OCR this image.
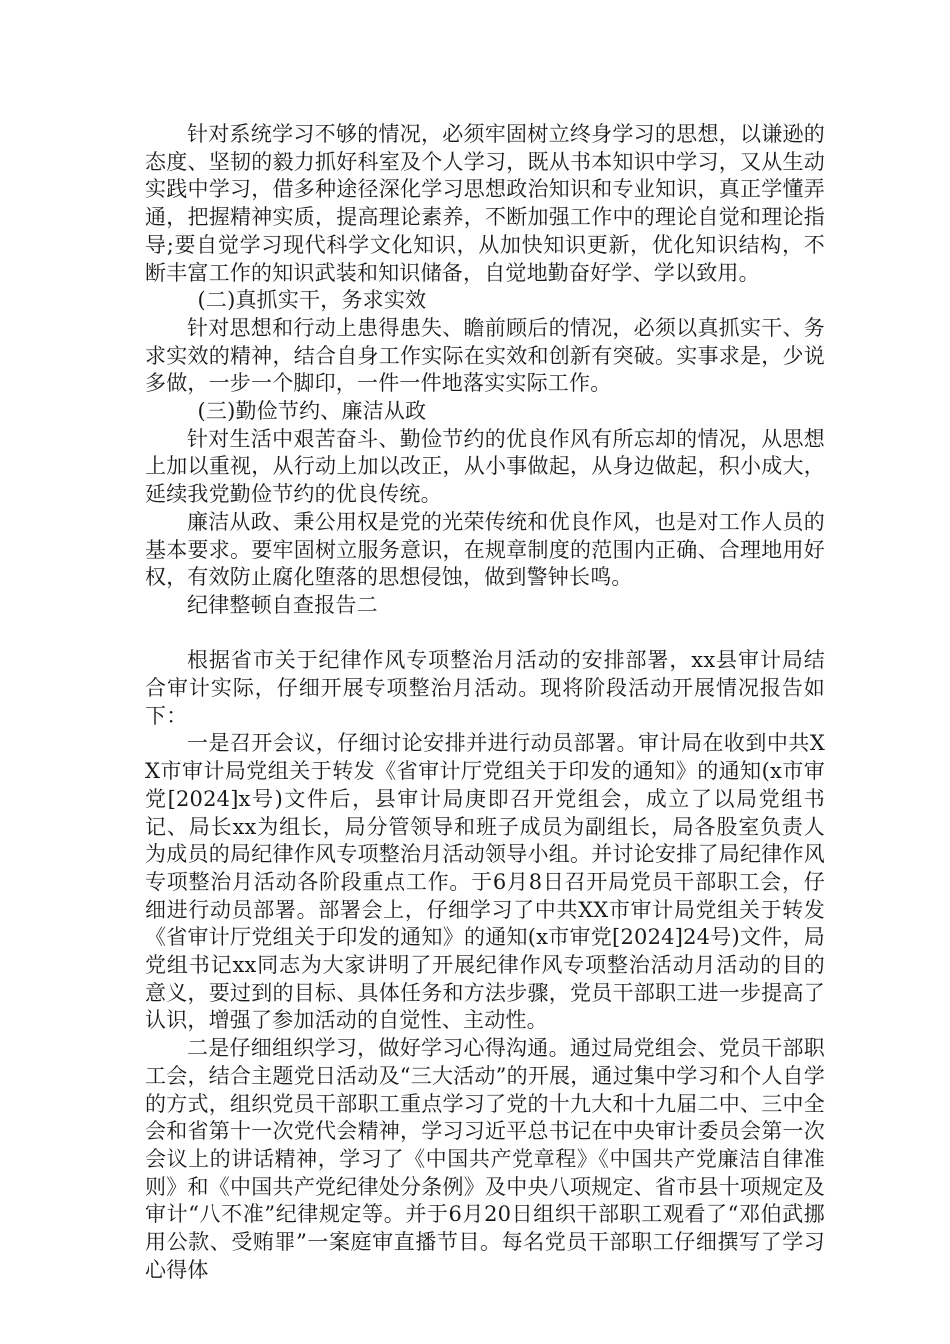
针对系统学习不够的情况，必须牢固树立终身学习的思想，以谦逊的态度、坚韧的毅力抓好科室及个人学习，既从书本知识中学习，又从生动实践中学习，借多种途径深化学习思想政治知识和专业知识，真正学懂弄通，把握精神实质，提高理论素养，不断加强工作中的理论自觉和理论指导;要自觉学习现代科学文化知识，从加快知识更新，优化知识结构，不断丰富工作的知识武装和知识储备，自觉地勤奋好学、学以致用。

(二)真抓实干，务求实效

针对思想和行动上患得患失、瞻前顾后的情况，必须以真抓实干、务求实效的精神，结合自身工作实际在实效和创新有突破。实事求是，少说多做，一步一个脚印，一件一件地落实实际工作。

(三)勤俭节约、廉洁从政

针对生活中艰苦奋斗、勤俭节约的优良作风有所忘却的情况，从思想上加以重视，从行动上加以改正，从小事做起，从身边做起，积小成大，延续我党勤俭节约的优良传统。

廉洁从政、秉公用权是党的光荣传统和优良作风，也是对工作人员的基本要求。要牢固树立服务意识，在规章制度的范围内正确、合理地用好权，有效防止腐化堕落的思想侵蚀，做到警钟长鸣。

纪律整顿自查报告二

根据省市关于纪律作风专项整治月活动的安排部署，xx县审计局结合审计实际，仔细开展专项整治月活动。现将阶段活动开展情况报告如下：

一是召开会议，仔细讨论安排并进行动员部署。审计局在收到中共XX市审计局党组关于转发《省审计厅党组关于印发的通知》的通知(x市审党[2024]x号)文件后，县审计局庚即召开党组会，成立了以局党组书记、局长xx为组长，局分管领导和班子成员为副组长，局各股室负责人为成员的局纪律作风专项整治月活动领导小组。并讨论安排了局纪律作风专项整治月活动各阶段重点工作。于6月8日召开局党员干部职工会，仔细进行动员部署。部署会上，仔细学习了中共XX市审计局党组关于转发《省审计厅党组关于印发的通知》的通知(x市审党[2024]24号)文件，局党组书记xx同志为大家讲明了开展纪律作风专项整治活动月活动的目的意义，要过到的目标、具体任务和方法步骤，党员干部职工进一步提高了认识，增强了参加活动的自觉性、主动性。

二是仔细组织学习，做好学习心得沟通。通过局党组会、党员干部职工会，结合主题党日活动及“三大活动”的开展，通过集中学习和个人自学的方式，组织党员干部职工重点学习了党的十九大和十九届二中、三中全会和省第十一次党代会精神，学习习近平总书记在中央审计委员会第一次会议上的讲话精神，学习了《中国共产党章程》《中国共产党廉洁自律准则》和《中国共产党纪律处分条例》及中央八项规定、省市县十项规定及审计“八不准”纪律规定等。并于6月20日组织干部职工观看了“邓伯武挪用公款、受贿罪”一案庭审直播节目。每名党员干部职工仔细撰写了学习心得体
